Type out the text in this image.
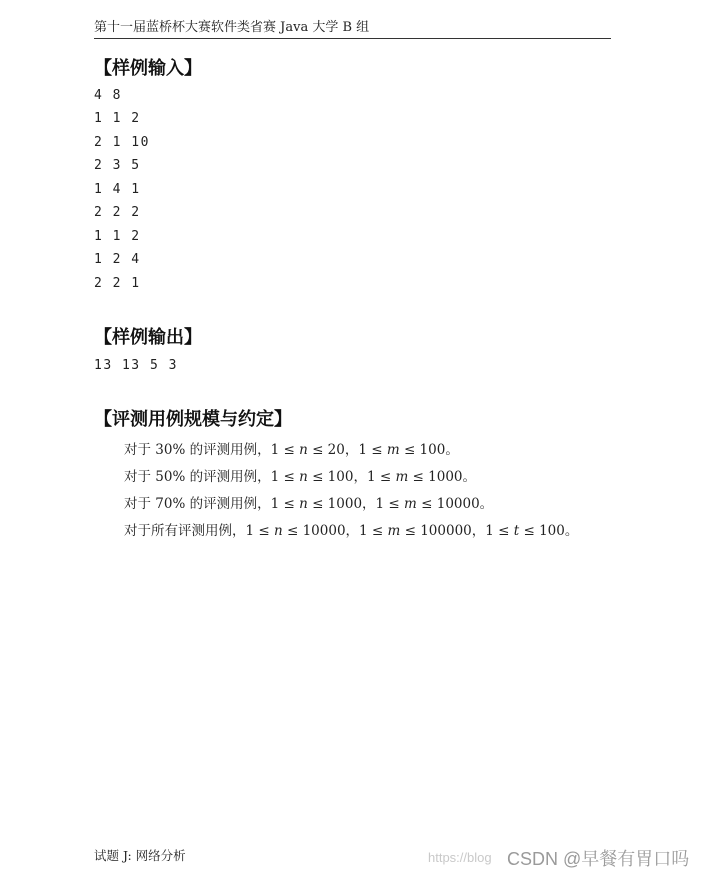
第十一届蓝桥杯大赛软件类省赛 Java 大学 B 组
【样例输入】
4 8
1 1 2
2 1 10
2 3 5
1 4 1
2 2 2
1 1 2
1 2 4
2 2 1
【样例输出】
13 13 5 3
【评测用例规模与约定】
对于 30% 的评测用例，1 ≤ n ≤ 20，1 ≤ m ≤ 100。
对于 50% 的评测用例，1 ≤ n ≤ 100，1 ≤ m ≤ 1000。
对于 70% 的评测用例，1 ≤ n ≤ 1000，1 ≤ m ≤ 10000。
对于所有评测用例，1 ≤ n ≤ 10000，1 ≤ m ≤ 100000，1 ≤ t ≤ 100。
试题 J: 网络分析	https://blog CSDN @早餐有胃口吗
